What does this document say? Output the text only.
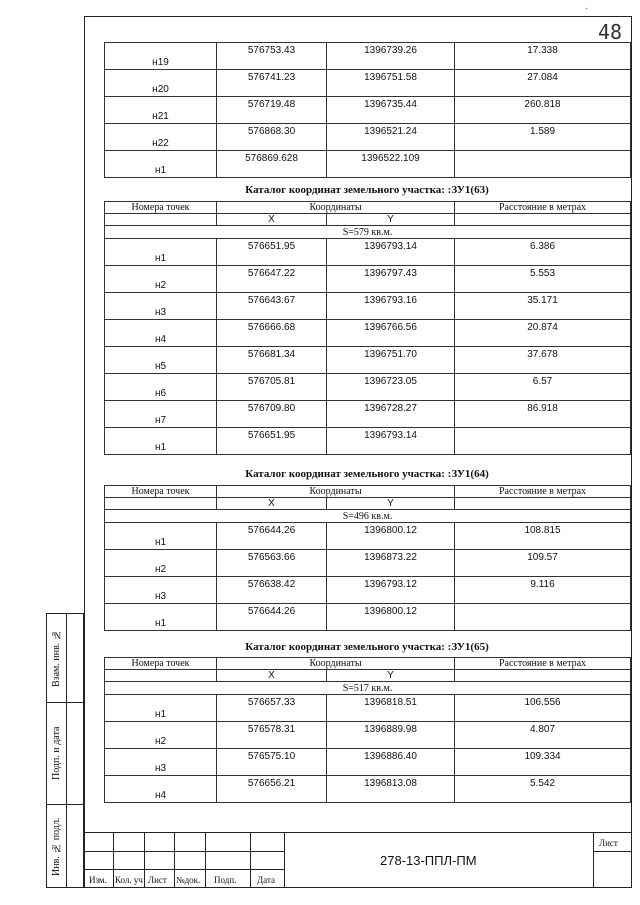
·
48
н19	576753.43	1396739.26	17.338
н20	576741.23	1396751.58	27.084
н21	576719.48	1396735.44	260.818
н22	576868.30	1396521.24	1.589
н1	576869.628	1396522.109	
Каталог координат земельного участка: :ЗУ1(63)
Номера точек	Координаты		Расстояние в метрах
	X	Y	
S=579 кв.м.			
н1	576651.95	1396793.14	6.386
н2	576647.22	1396797.43	5.553
н3	576643.67	1396793.16	35.171
н4	576666.68	1396766.56	20.874
н5	576681.34	1396751.70	37.678
н6	576705.81	1396723.05	6.57
н7	576709.80	1396728.27	86.918
н1	576651.95	1396793.14	
Каталог координат земельного участка: :ЗУ1(64)
Номера точек	Координаты		Расстояние в метрах
	X	Y	
S=496 кв.м.			
н1	576644.26	1396800.12	108.815
н2	576563.66	1396873.22	109.57
н3	576638.42	1396793.12	9.116
н1	576644.26	1396800.12	
Каталог координат земельного участка: :ЗУ1(65)
Номера точек	Координаты		Расстояние в метрах
	X	Y	
S=517 кв.м.			
н1	576657.33	1396818.51	106.556
н2	576578.31	1396889.98	4.807
н3	576575.10	1396886.40	109.334
н4	576656.21	1396813.08	5.542
Взам. инв. №
Подп. и дата
Инв. № подл.
Изм. Кол. уч Лист №док. Подп. Дата
Лист
278-13-ППЛ-ПМ
